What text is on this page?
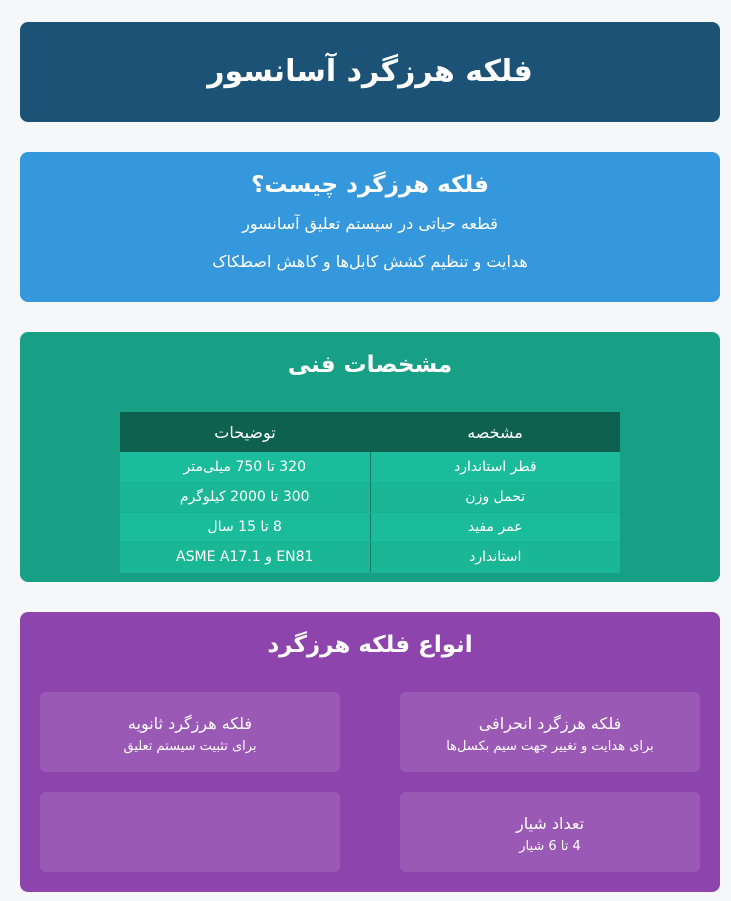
فلکه هرزگرد آسانسور
فلکه هرزگرد چیست؟

قطعه حیاتی در سیستم تعلیق آسانسور

هدایت و تنظیم کشش کابل‌ها و کاهش اصطکاک

مشخصات فنی
مشخصه	توضیحات
قطر استاندارد	320 تا 750 میلی‌متر
تحمل وزن	300 تا 2000 کیلوگرم
عمر مفید	8 تا 15 سال
استاندارد	EN81 و ASME A17.1
انواع فلکه هرزگرد
فلکه هرزگرد انحرافی
برای هدایت و تغییر جهت سیم بکسل‌ها
فلکه هرزگرد ثانویه
برای تثبیت سیستم تعلیق
تعداد شیار
4 تا 6 شیار
